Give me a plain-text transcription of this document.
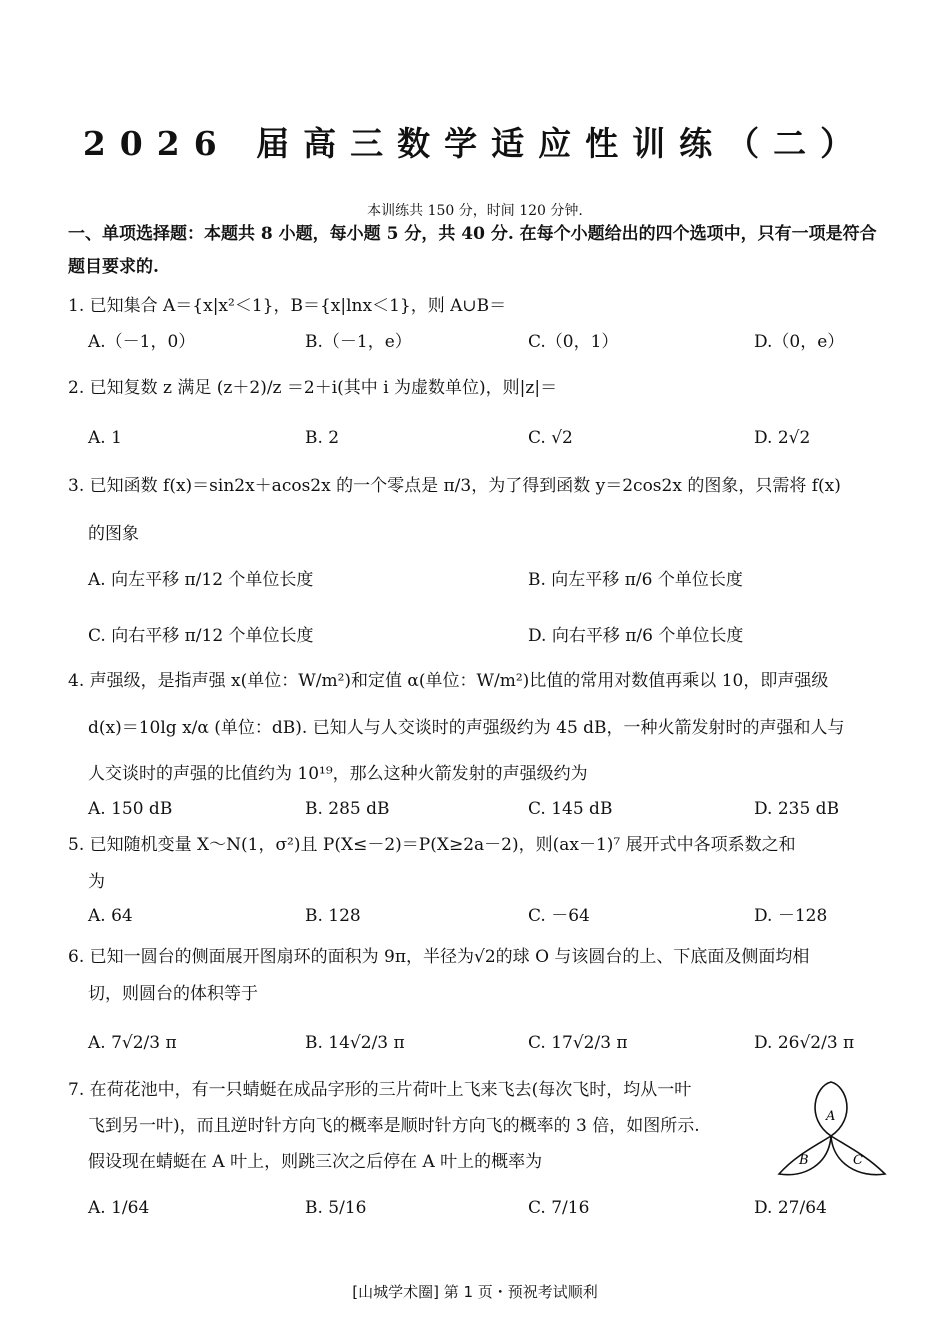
2026 届高三数学适应性训练（二）
本训练共 150 分，时间 120 分钟.
一、单项选择题：本题共 8 小题，每小题 5 分，共 40 分. 在每个小题给出的四个选项中，只有一项是符合题目要求的.
1. 已知集合 A＝{x|x²＜1}，B＝{x|lnx＜1}，则 A∪B＝
A.（－1，0）	B.（－1，e）	C.（0，1）	D.（0，e）
2. 已知复数 z 满足 (z＋2)/z ＝2＋i(其中 i 为虚数单位)，则|z|＝
A. 1	B. 2	C. √2	D. 2√2
3. 已知函数 f(x)＝sin2x＋acos2x 的一个零点是 π/3，为了得到函数 y＝2cos2x 的图象，只需将 f(x)
的图象
A. 向左平移 π/12 个单位长度	B. 向左平移 π/6 个单位长度
C. 向右平移 π/12 个单位长度	D. 向右平移 π/6 个单位长度
4. 声强级，是指声强 x(单位：W/m²)和定值 α(单位：W/m²)比值的常用对数值再乘以 10，即声强级
d(x)＝10lg x/α (单位：dB). 已知人与人交谈时的声强级约为 45 dB，一种火箭发射时的声强和人与
人交谈时的声强的比值约为 10¹⁹，那么这种火箭发射的声强级约为
A. 150 dB	B. 285 dB	C. 145 dB	D. 235 dB
5. 已知随机变量 X～N(1，σ²)且 P(X≤－2)＝P(X≥2a－2)，则(ax－1)⁷ 展开式中各项系数之和
为
A. 64	B. 128	C. －64	D. －128
6. 已知一圆台的侧面展开图扇环的面积为 9π，半径为√2的球 O 与该圆台的上、下底面及侧面均相
切，则圆台的体积等于
A. 7√2/3 π	B. 14√2/3 π	C. 17√2/3 π	D. 26√2/3 π
7. 在荷花池中，有一只蜻蜓在成品字形的三片荷叶上飞来飞去(每次飞时，均从一叶
飞到另一叶)，而且逆时针方向飞的概率是顺时针方向飞的概率的 3 倍，如图所示.
假设现在蜻蜓在 A 叶上，则跳三次之后停在 A 叶上的概率为
A. 1/64	B. 5/16	C. 7/16	D. 27/64
A
B	C
[山城学术圈] 第 1 页・预祝考试顺利
